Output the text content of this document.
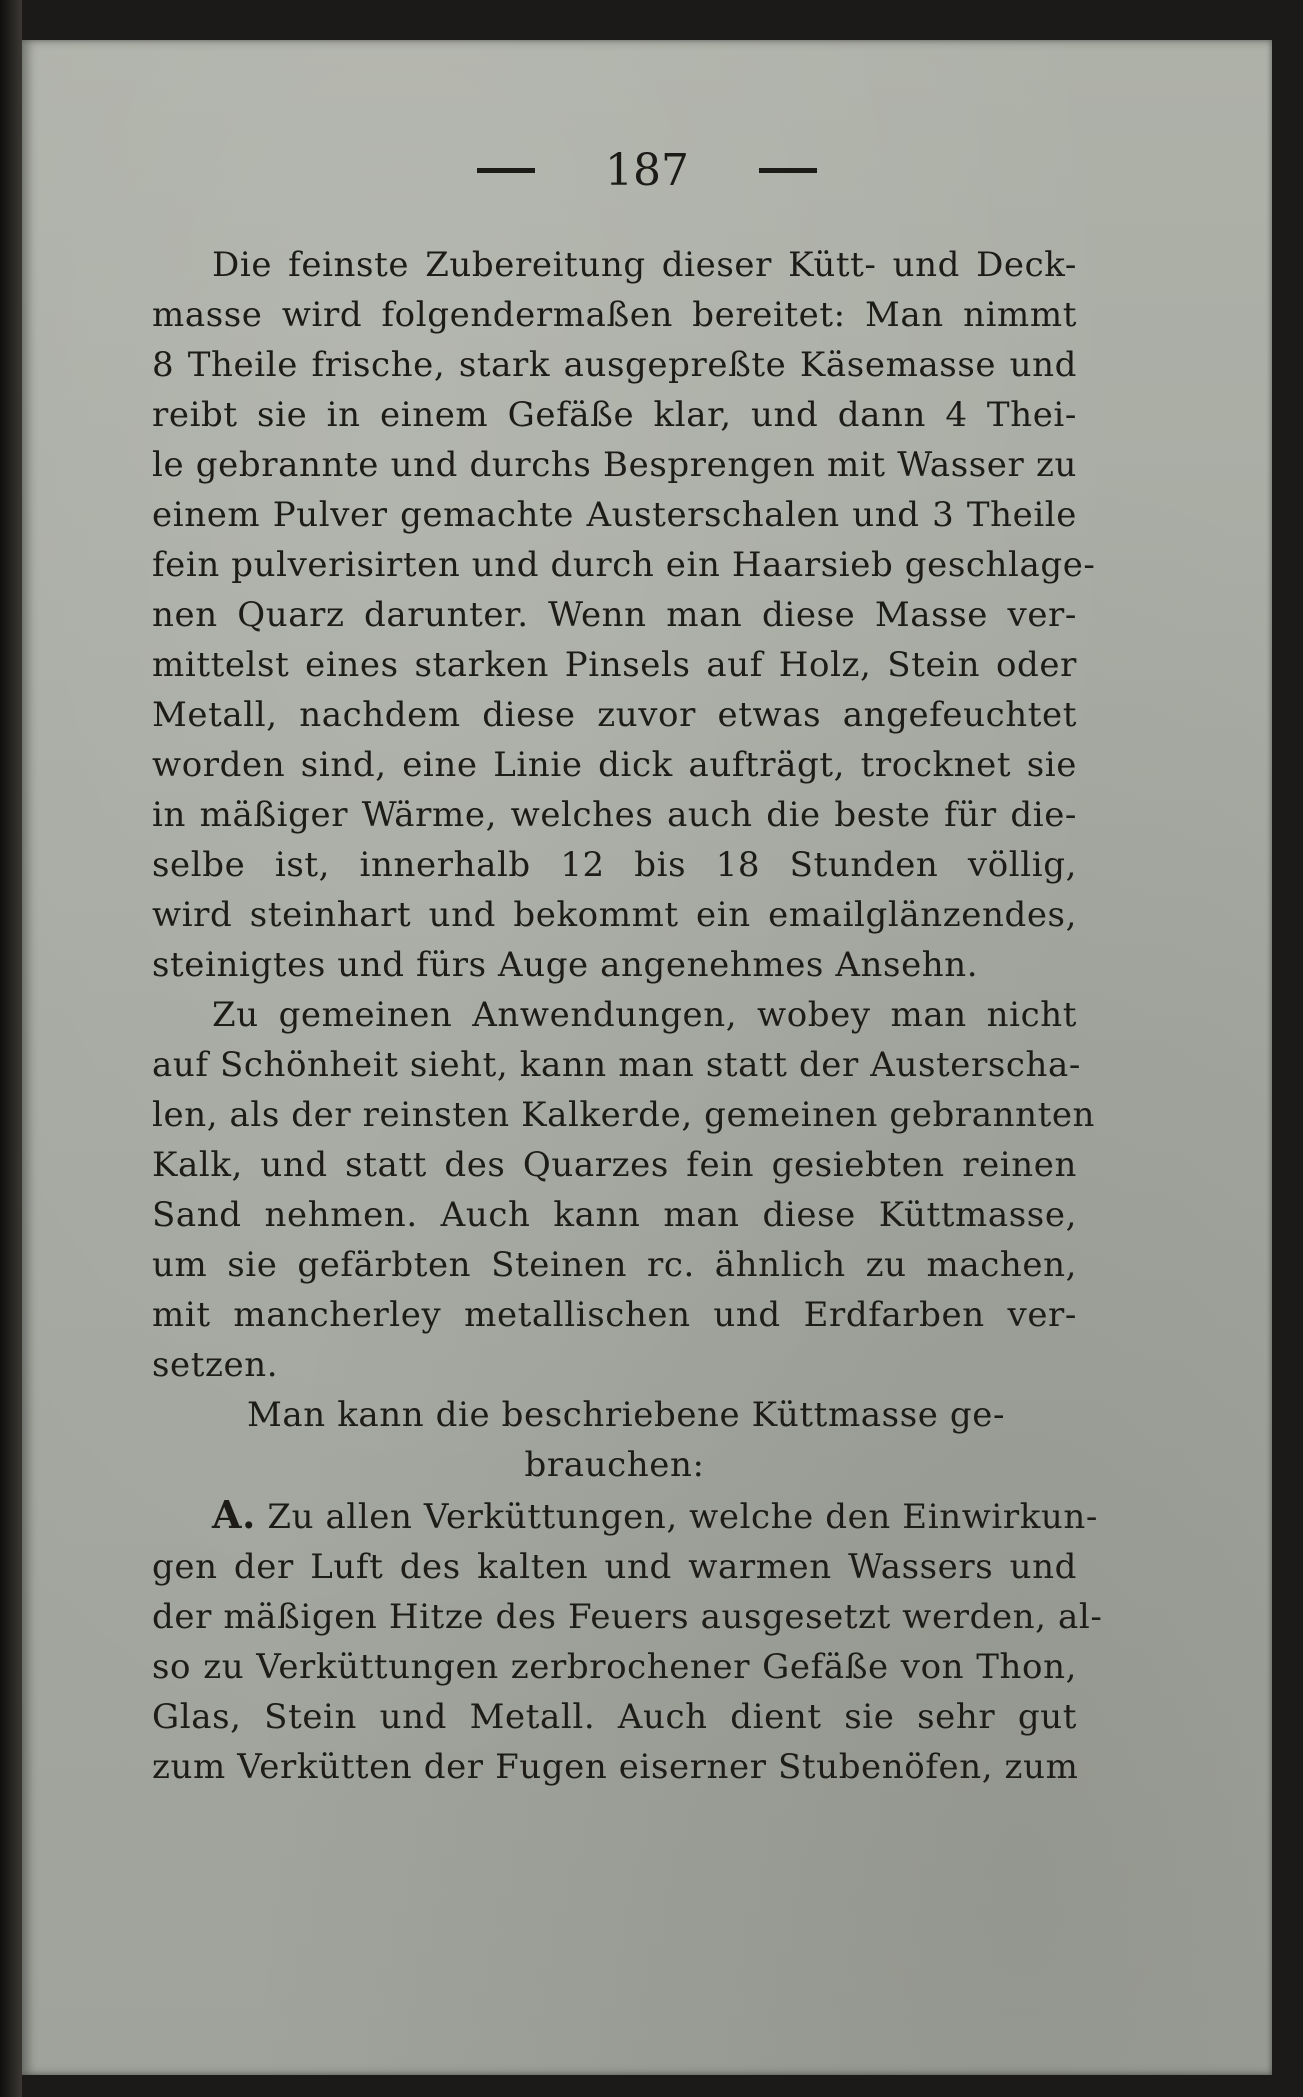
187
Die feinste Zubereitung dieser Kütt- und Deck-
masse wird folgendermaßen bereitet: Man nimmt
8 Theile frische, stark ausgepreßte Käsemasse und
reibt sie in einem Gefäße klar, und dann 4 Thei-
le gebrannte und durchs Besprengen mit Wasser zu
einem Pulver gemachte Austerschalen und 3 Theile
fein pulverisirten und durch ein Haarsieb geschlage-
nen Quarz darunter. Wenn man diese Masse ver-
mittelst eines starken Pinsels auf Holz, Stein oder
Metall, nachdem diese zuvor etwas angefeuchtet
worden sind, eine Linie dick aufträgt, trocknet sie
in mäßiger Wärme, welches auch die beste für die-
selbe ist, innerhalb 12 bis 18 Stunden völlig,
wird steinhart und bekommt ein emailglänzendes,
steinigtes und fürs Auge angenehmes Ansehn.
Zu gemeinen Anwendungen, wobey man nicht
auf Schönheit sieht, kann man statt der Austerscha-
len, als der reinsten Kalkerde, gemeinen gebrannten
Kalk, und statt des Quarzes fein gesiebten reinen
Sand nehmen. Auch kann man diese Küttmasse,
um sie gefärbten Steinen rc. ähnlich zu machen,
mit mancherley metallischen und Erdfarben ver-
setzen.
Man kann die beschriebene Küttmasse ge-
brauchen:
A. Zu allen Verküttungen, welche den Einwirkun-
gen der Luft des kalten und warmen Wassers und
der mäßigen Hitze des Feuers ausgesetzt werden, al-
so zu Verküttungen zerbrochener Gefäße von Thon,
Glas, Stein und Metall. Auch dient sie sehr gut
zum Verkütten der Fugen eiserner Stubenöfen, zum
